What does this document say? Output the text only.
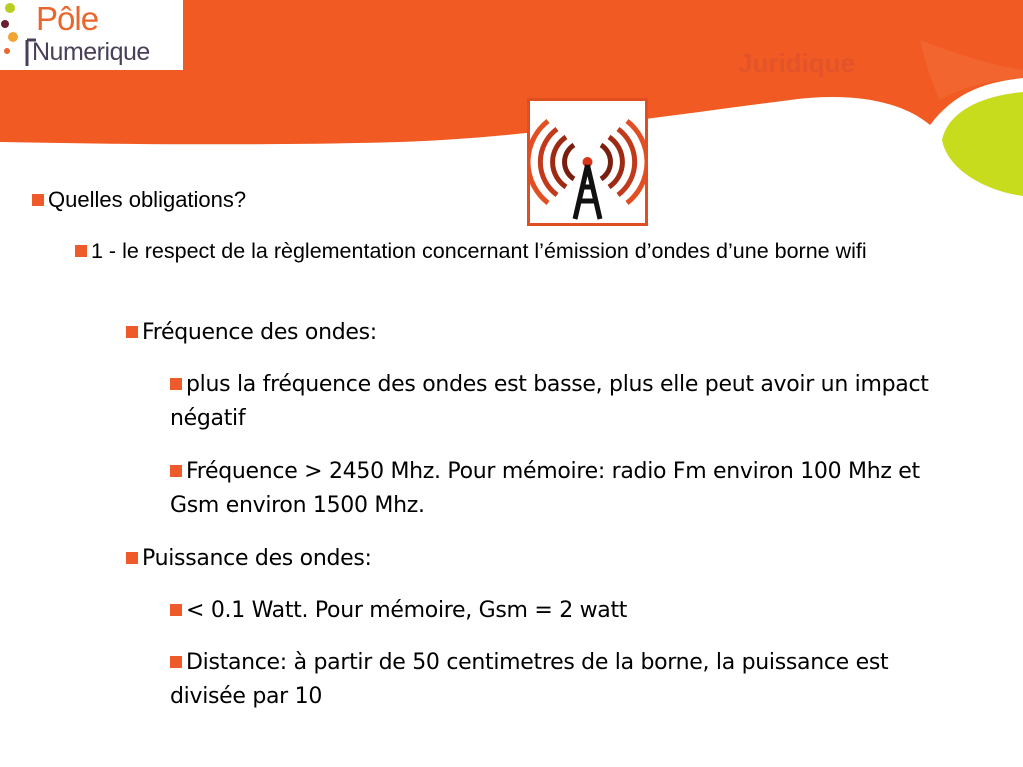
Pôle
Numerique	Juridique
Quelles obligations?
1 - le respect de la règlementation concernant l’émission d’ondes d’une borne wifi
Fréquence des ondes:
plus la fréquence des ondes est basse, plus elle peut avoir un impact négatif
Fréquence > 2450 Mhz. Pour mémoire: radio Fm environ 100 Mhz et Gsm environ 1500 Mhz.
Puissance des ondes:
< 0.1 Watt. Pour mémoire, Gsm = 2 watt
Distance: à partir de 50 centimetres de la borne, la puissance est divisée par 10
